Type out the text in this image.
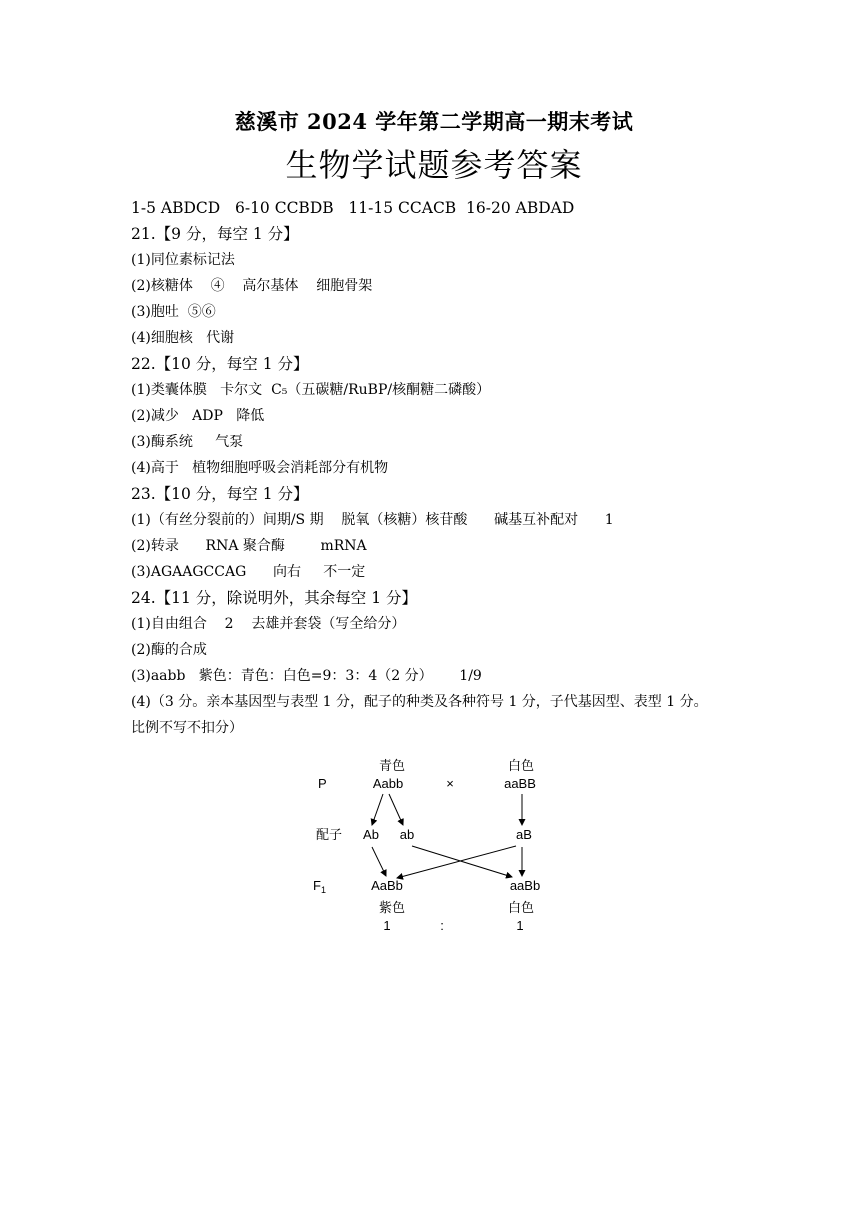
慈溪市 2024 学年第二学期高一期末考试
生物学试题参考答案
1-5 ABDCD   6-10 CCBDB   11-15 CCACB  16-20 ABDAD
21.【9 分，每空 1 分】
(1)同位素标记法
(2)核糖体    ④    高尔基体    细胞骨架
(3)胞吐  ⑤⑥
(4)细胞核   代谢
22.【10 分，每空 1 分】
(1)类囊体膜   卡尔文  C₅（五碳糖/RuBP/核酮糖二磷酸）
(2)减少   ADP   降低
(3)酶系统     气泵
(4)高于   植物细胞呼吸会消耗部分有机物
23.【10 分，每空 1 分】
(1)（有丝分裂前的）间期/S 期    脱氧（核糖）核苷酸      碱基互补配对      1
(2)转录      RNA 聚合酶        mRNA
(3)AGAAGCCAG      向右     不一定
24.【11 分，除说明外，其余每空 1 分】
(1)自由组合    2    去雄并套袋（写全给分）
(2)酶的合成
(3)aabb   紫色：青色：白色=9：3：4（2 分）      1/9
(4)（3 分。亲本基因型与表型 1 分，配子的种类及各种符号 1 分，子代基因型、表型 1 分。
比例不写不扣分）
P
青色
Aabb	×
白色
aaBB
配子 Ab ab	aB
$F_1$	AaBb	aaBb
紫色	白色
1	:	1
